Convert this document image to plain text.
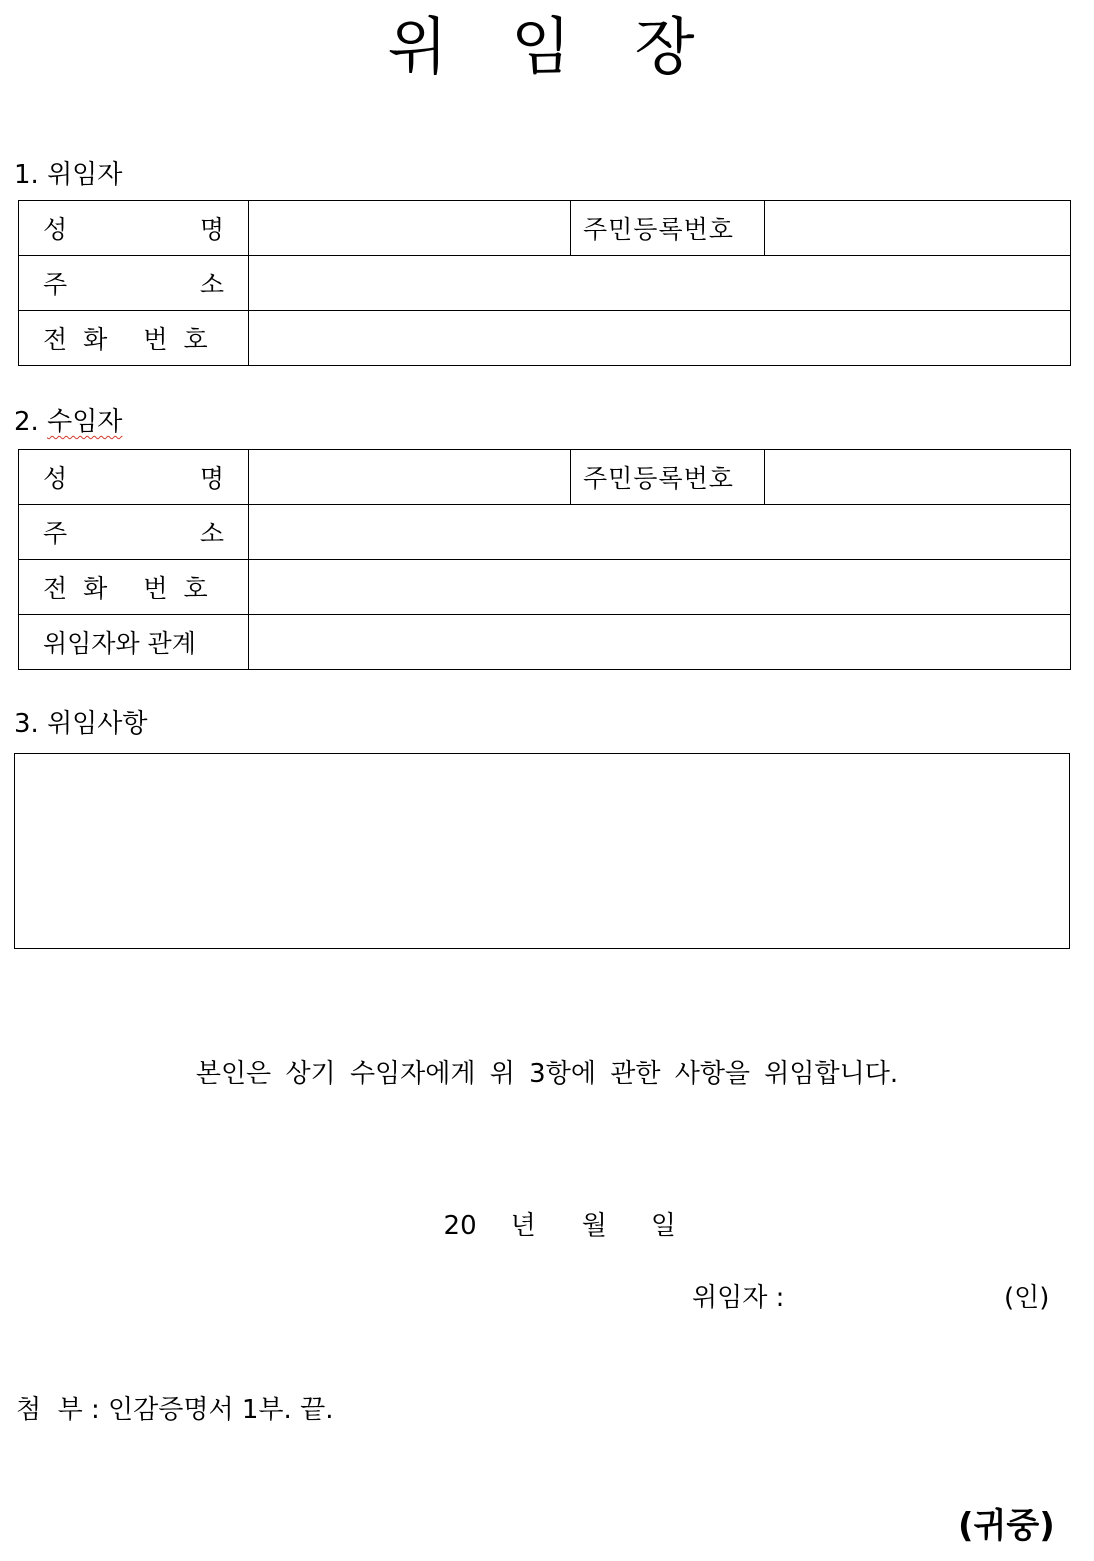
위 임 장
1. 위임자
성 명		주민등록번호	

주 소			

전 화 번 호			

2. 수임자
성 명		주민등록번호	

주 소			

전 화 번 호			

위임자와 관계			
3. 위임사항
본인은 상기 수임자에게 위 3항에 관한 사항을 위임합니다.

20 년 월 일

위임자 :	(인)
첨  부 : 인감증명서 1부. 끝.
(귀중)
